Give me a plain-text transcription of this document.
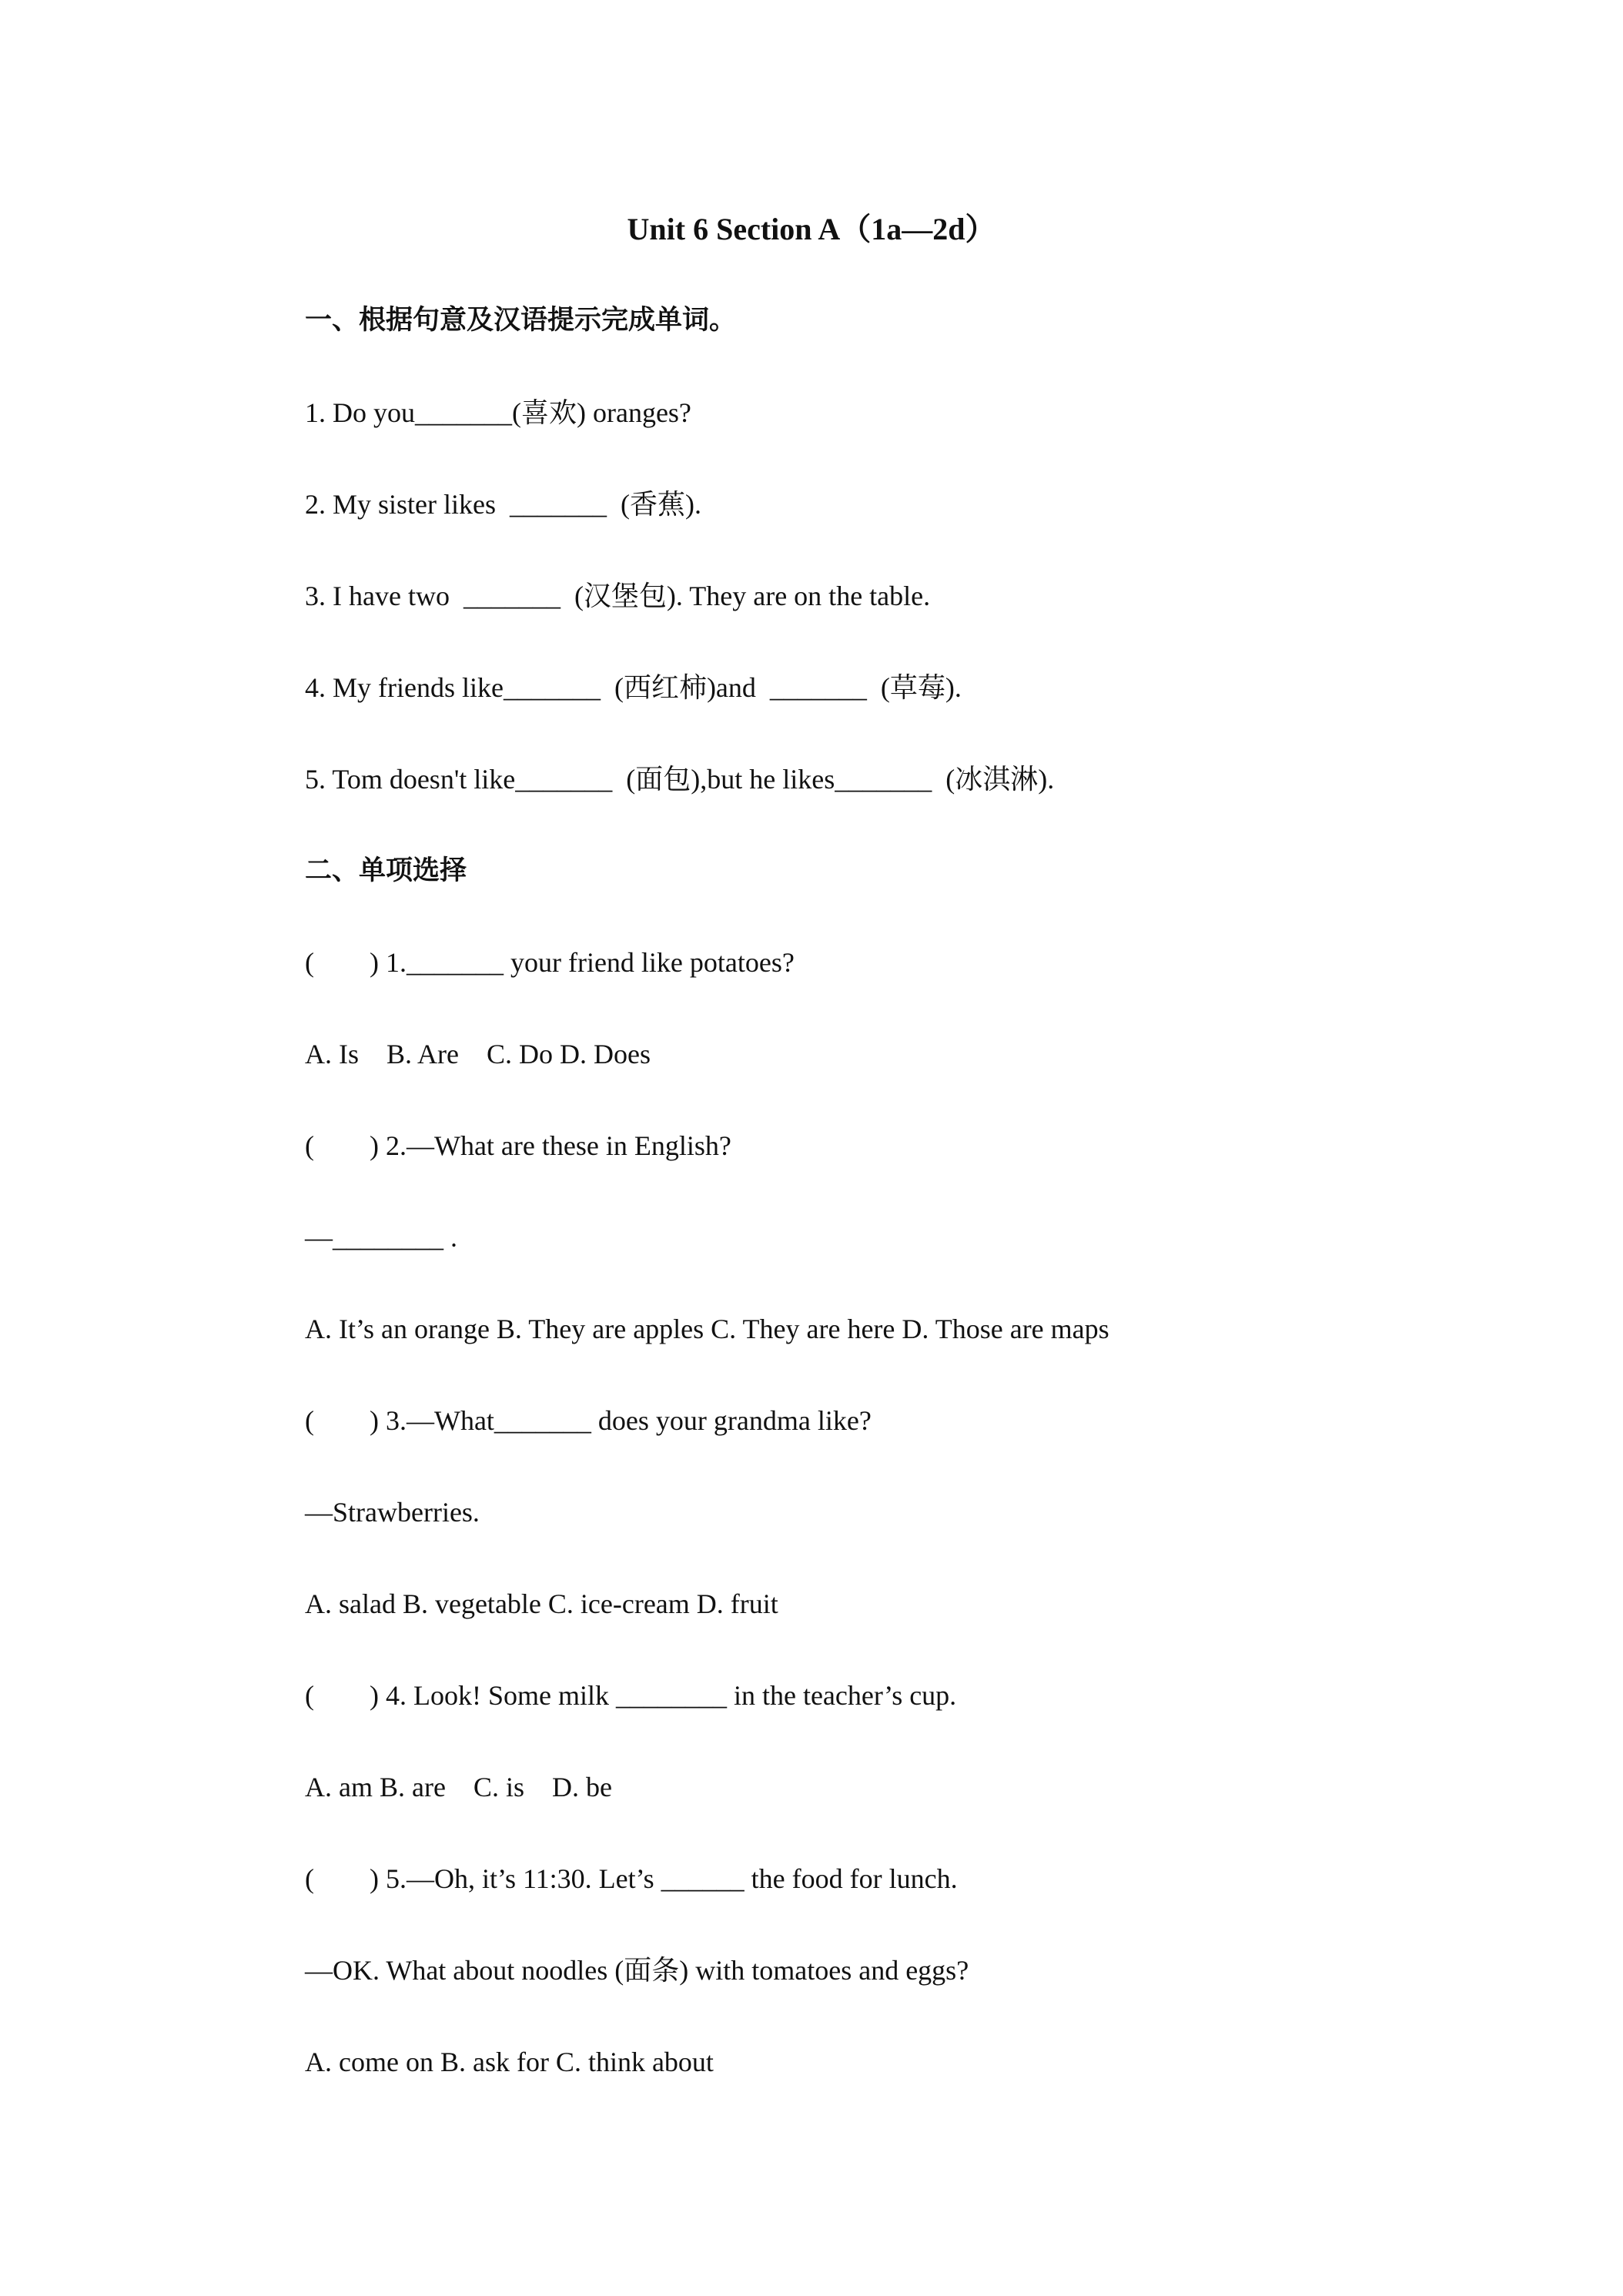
Unit 6 Section A（1a—2d）
一、根据句意及汉语提示完成单词。
1. Do you_______(喜欢) oranges?
2. My sister likes  _______  (香蕉).
3. I have two  _______  (汉堡包). They are on the table.
4. My friends like_______  (西红柿)and  _______  (草莓).
5. Tom doesn't like_______  (面包),but he likes_______  (冰淇淋).
二、单项选择
(        ) 1._______ your friend like potatoes?
A. Is    B. Are    C. Do D. Does
(        ) 2.—What are these in English?
—________ .
A. It’s an orange B. They are apples C. They are here D. Those are maps
(        ) 3.—What_______ does your grandma like?
—Strawberries.
A. salad B. vegetable C. ice-cream D. fruit
(        ) 4. Look! Some milk ________ in the teacher’s cup.
A. am B. are    C. is    D. be
(        ) 5.—Oh, it’s 11:30. Let’s ______ the food for lunch.
—OK. What about noodles (面条) with tomatoes and eggs?
A. come on B. ask for C. think about
